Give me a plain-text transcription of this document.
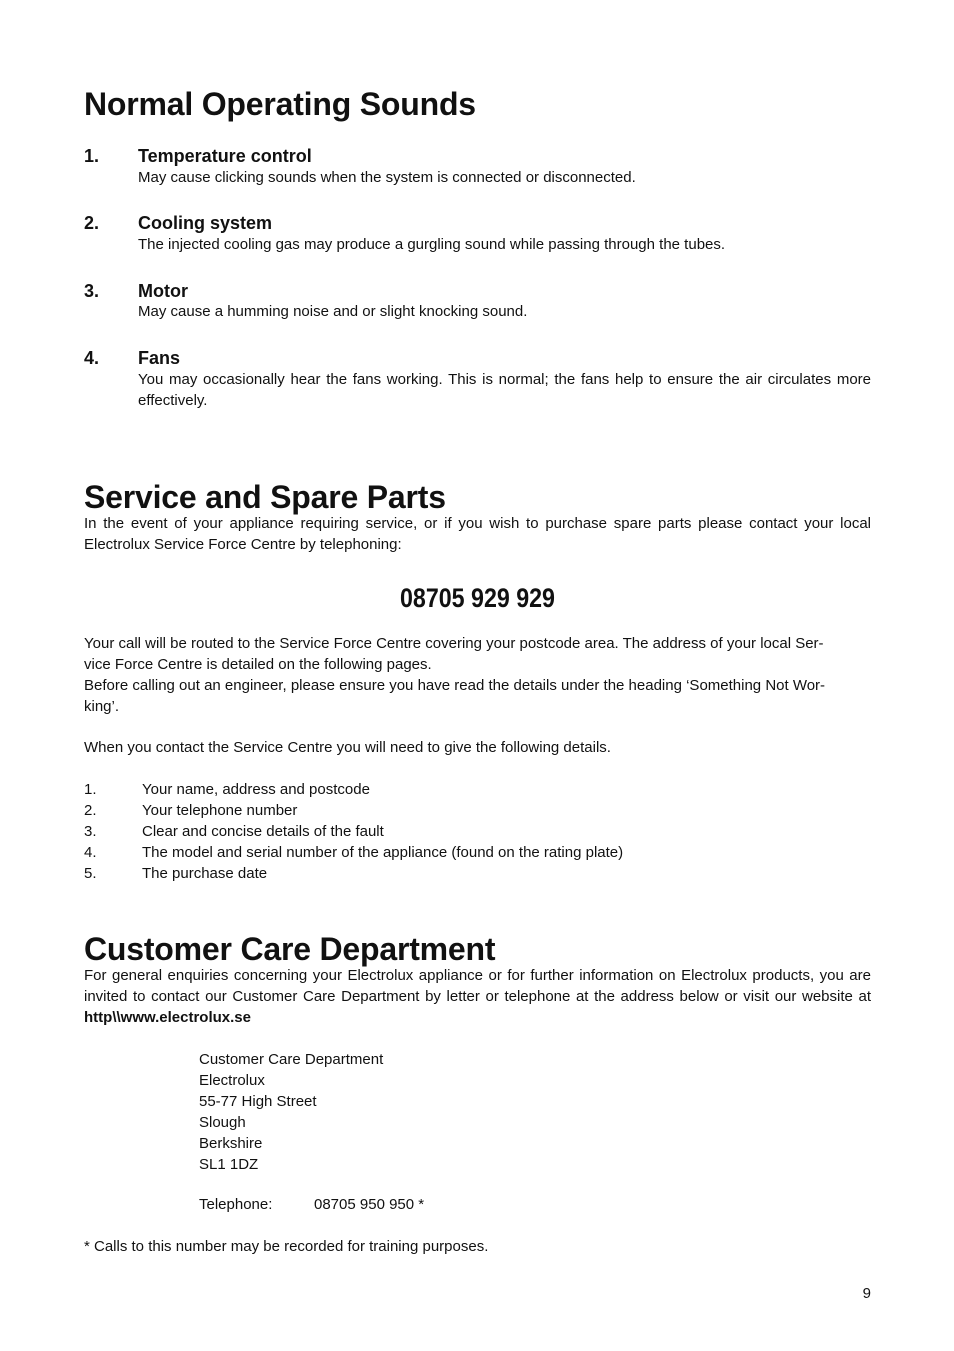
Normal Operating Sounds
1. Temperature control
May cause clicking sounds when the system is connected or disconnected.
2. Cooling system
The injected cooling gas may produce a gurgling sound while passing through the tubes.
3. Motor
May cause a humming noise and or slight knocking sound.
4. Fans
You may occasionally hear the fans working. This is normal; the fans help to ensure the air circulates more effectively.
Service and Spare Parts
In the event of your appliance requiring service, or if you wish to purchase spare parts please contact your local Electrolux Service Force Centre by telephoning:
08705 929 929
Your call will be routed to the Service Force Centre covering your postcode area. The address of your local Ser-
vice Force Centre is detailed on the following pages.
Before calling out an engineer, please ensure you have read the details under the heading ‘Something Not Wor-
king’.
When you contact the Service Centre you will need to give the following details.
1.	Your name, address and postcode
2.	Your telephone number
3.	Clear and concise details of the fault
4.	The model and serial number of the appliance (found on the rating plate)
5.	The purchase date
Customer Care Department
For general enquiries concerning your Electrolux appliance or for further information on Electrolux products, you are invited to contact our Customer Care Department by letter or telephone at the address below or visit our website at http\\www.electrolux.se
Customer Care Department
Electrolux
55-77 High Street
Slough
Berkshire
SL1 1DZ
Telephone:	08705 950 950 *
* Calls to this number may be recorded for training purposes.
9
